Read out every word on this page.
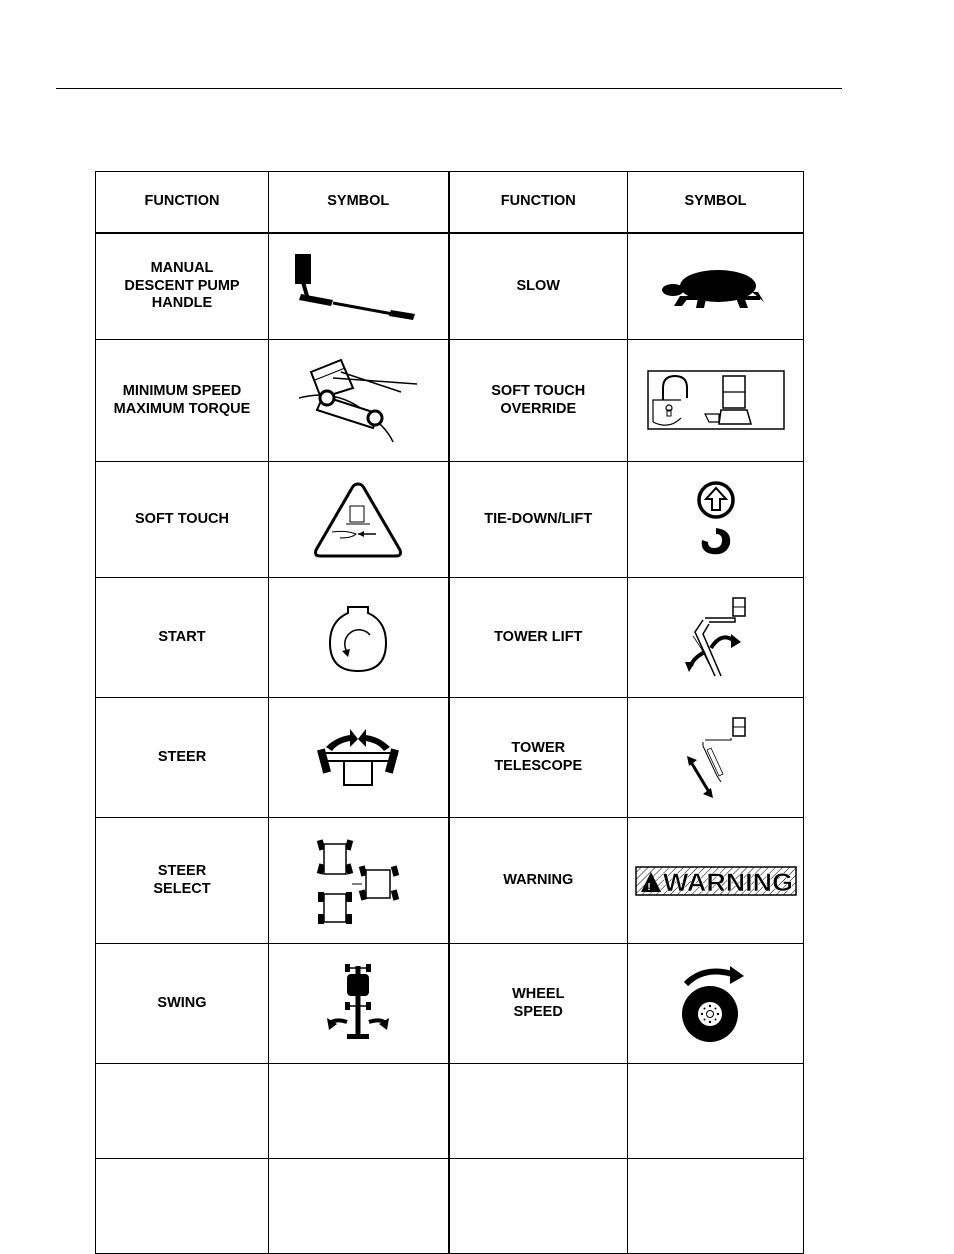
FUNCTION	SYMBOL	FUNCTION	SYMBOL
MANUAL
DESCENT PUMP
HANDLE		SLOW	

MINIMUM SPEED
MAXIMUM TORQUE		SOFT TOUCH
OVERRIDE	

SOFT TOUCH		TIE-DOWN/LIFT	

START		TOWER LIFT	

STEER		TOWER
TELESCOPE	

STEER
SELECT		WARNING	! WARNING

SWING		WHEEL
SPEED	
